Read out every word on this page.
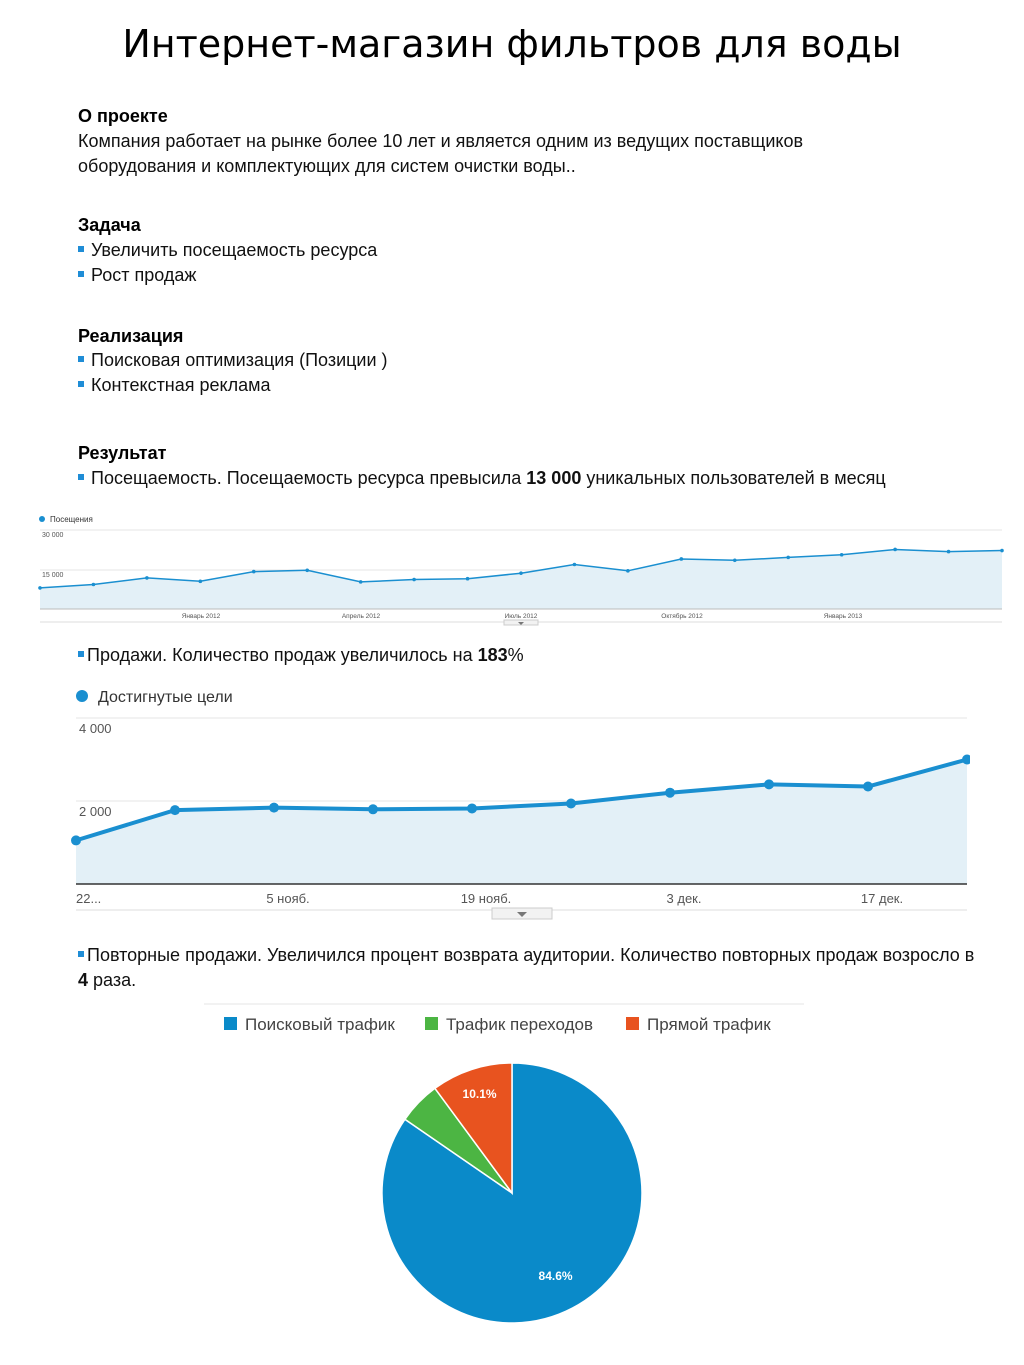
Интернет-магазин фильтров для воды
О проекте
Компания работает на рынке более 10 лет и является одним из ведущих поставщиков
оборудования и комплектующих для систем очистки воды..
Задача
Увеличить посещаемость ресурса
Рост продаж
Реализация
Поисковая оптимизация (Позиции )
Контекстная реклама
Результат
Посещаемость. Посещаемость ресурса превысила 13 000 уникальных пользователей в месяц
Посещения
30 000
15 000
Январь 2012	Апрель 2012	Июль 2012	Октябрь 2012	Январь 2013
Продажи. Количество продаж увеличилось на 183%
Достигнутые цели
4 000
2 000
22...	5 нояб.	19 нояб.	3 дек.	17 дек.
Повторные продажи. Увеличился процент возврата аудитории. Количество повторных продаж возросло в 4 раза.
Поисковый трафик	Трафик переходов	Прямой трафик
84.6%
10.1%
